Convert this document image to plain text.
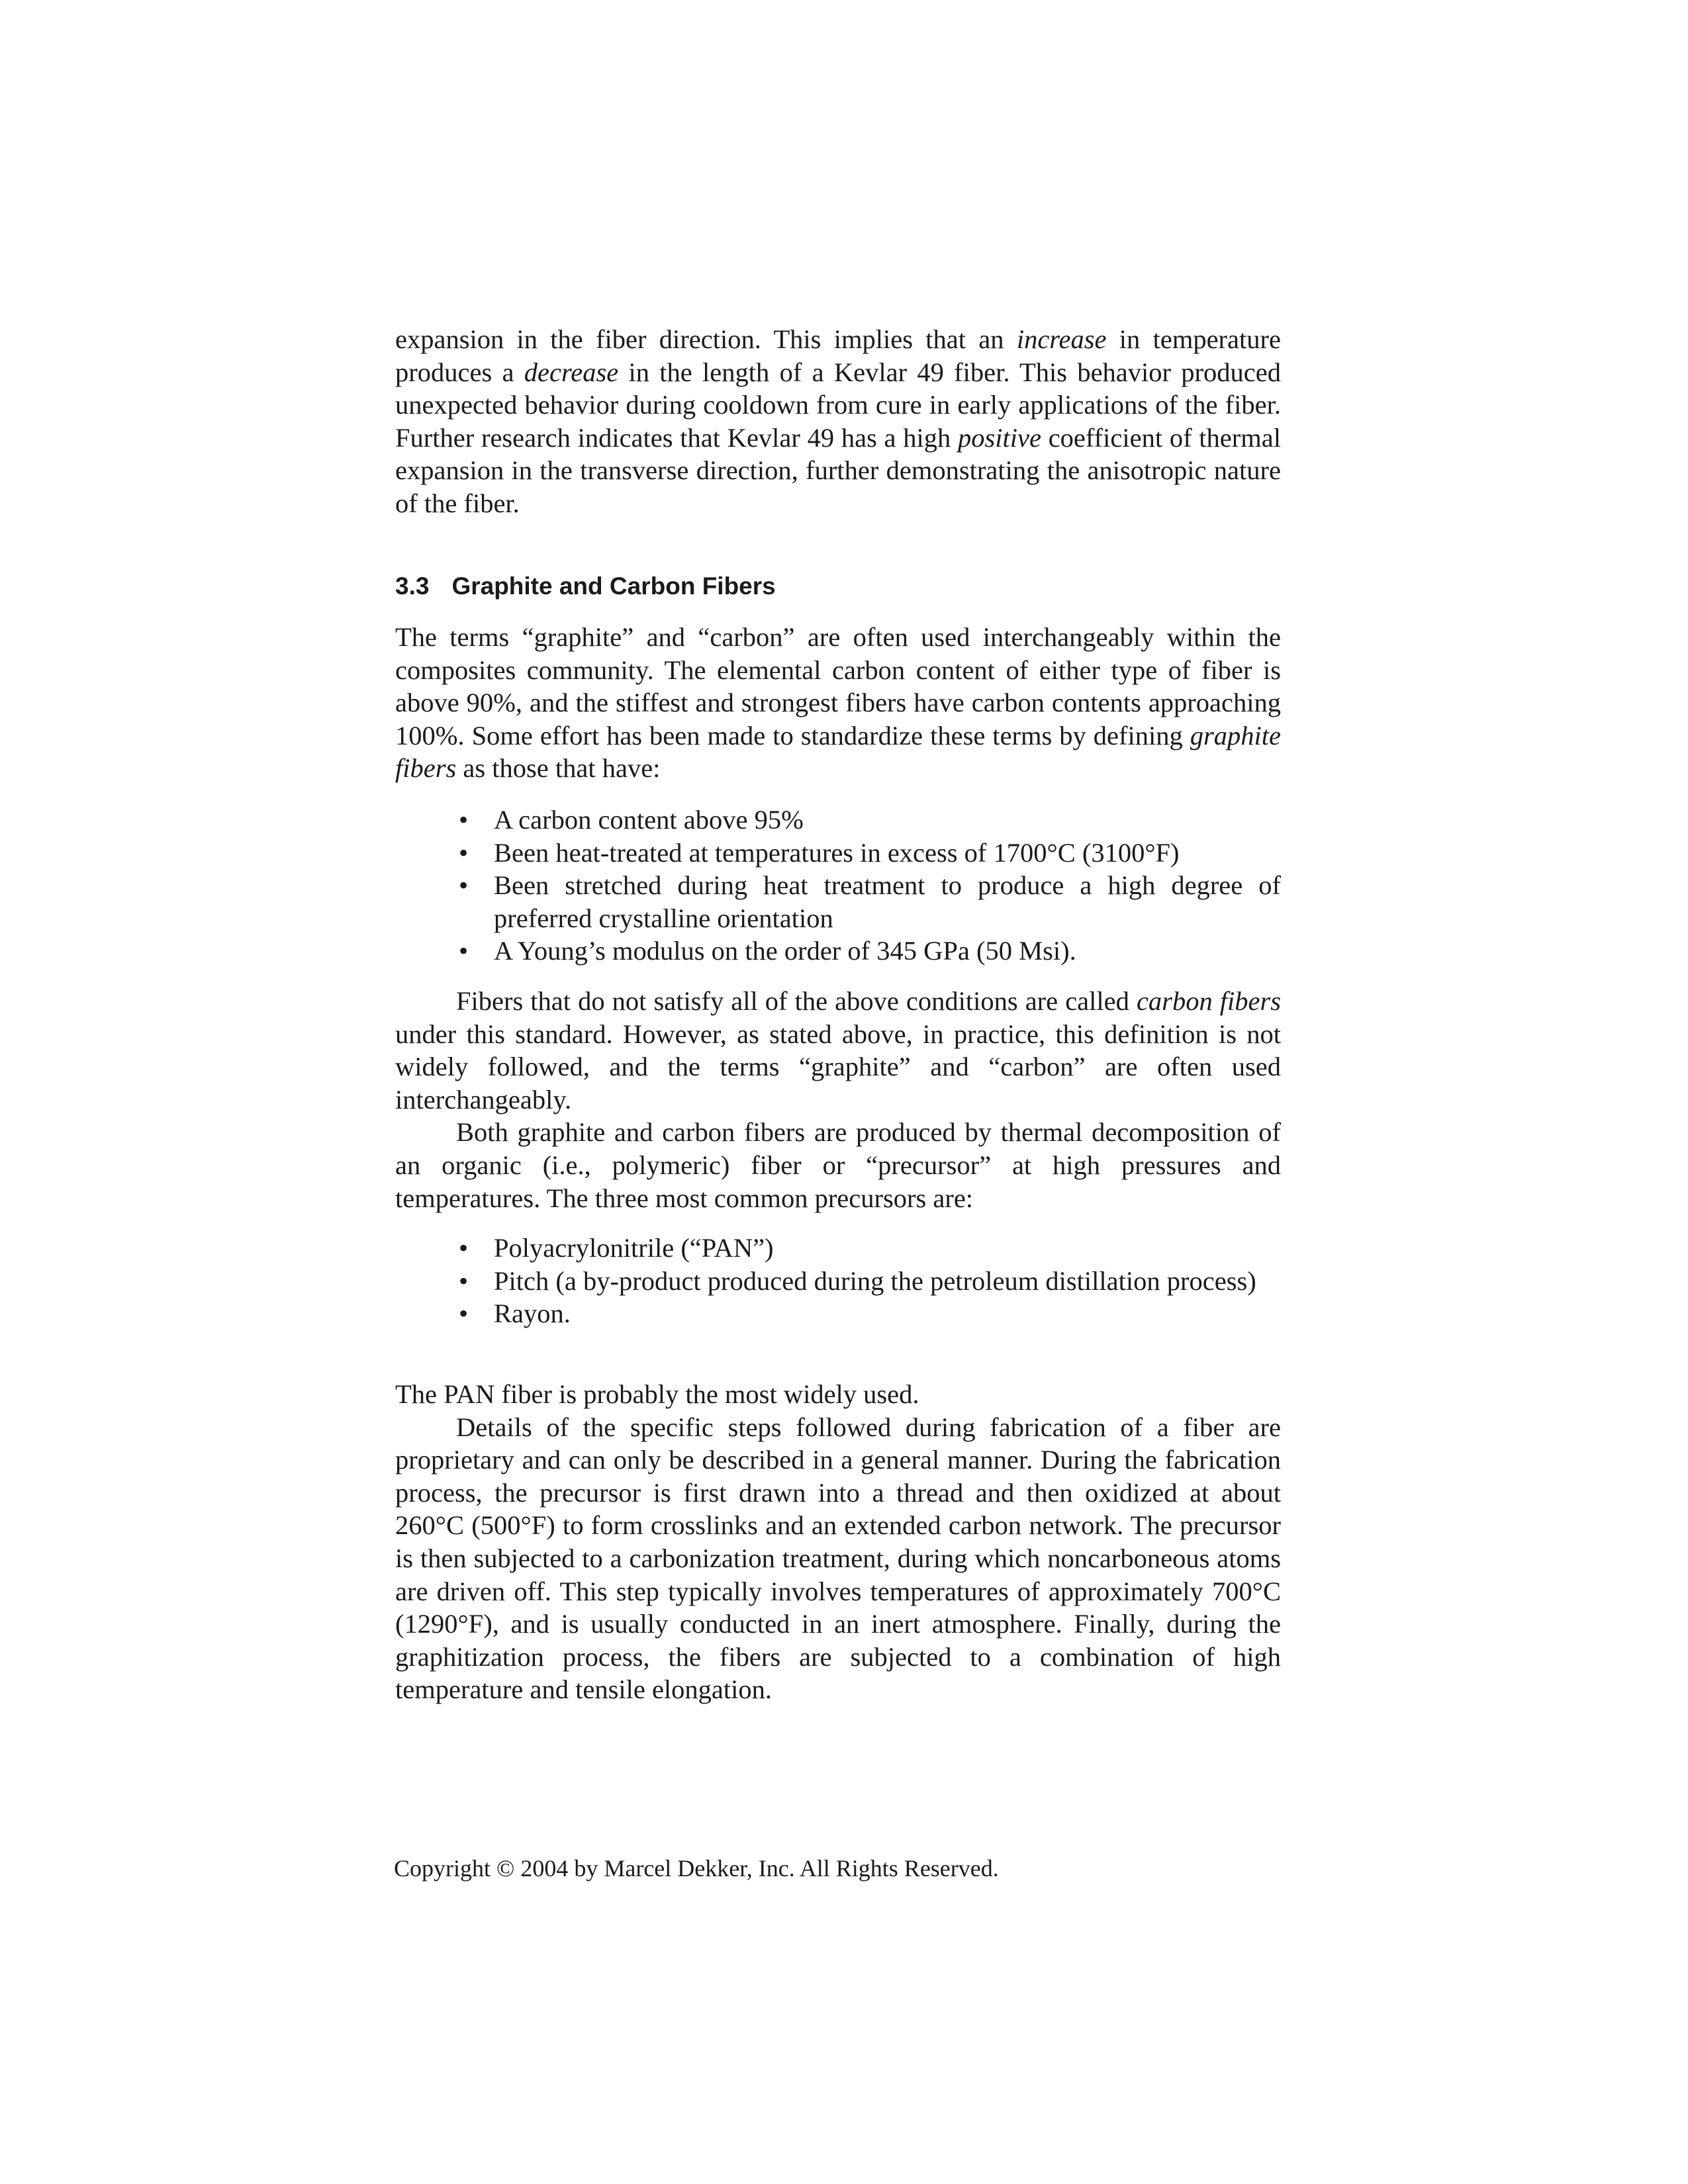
expansion in the fiber direction. This implies that an increase in temperature produces a decrease in the length of a Kevlar 49 fiber. This behavior produced unexpected behavior during cooldown from cure in early applications of the fiber. Further research indicates that Kevlar 49 has a high positive coefficient of thermal expansion in the transverse direction, further demonstrating the anisotropic nature of the fiber.

3.3 Graphite and Carbon Fibers

The terms “graphite” and “carbon” are often used interchangeably within the composites community. The elemental carbon content of either type of fiber is above 90%, and the stiffest and strongest fibers have carbon contents approaching 100%. Some effort has been made to standardize these terms by defining graphite fibers as those that have:

• A carbon content above 95%
• Been heat-treated at temperatures in excess of 1700°C (3100°F)
• Been stretched during heat treatment to produce a high degree of preferred crystalline orientation
• A Young’s modulus on the order of 345 GPa (50 Msi).

Fibers that do not satisfy all of the above conditions are called carbon fibers under this standard. However, as stated above, in practice, this definition is not widely followed, and the terms “graphite” and “carbon” are often used interchangeably.

Both graphite and carbon fibers are produced by thermal decomposition of an organic (i.e., polymeric) fiber or “precursor” at high pressures and temperatures. The three most common precursors are:

• Polyacrylonitrile (“PAN”)
• Pitch (a by-product produced during the petroleum distillation process)
• Rayon.

The PAN fiber is probably the most widely used.

Details of the specific steps followed during fabrication of a fiber are proprietary and can only be described in a general manner. During the fabrication process, the precursor is first drawn into a thread and then oxidized at about 260°C (500°F) to form crosslinks and an extended carbon network. The precursor is then subjected to a carbonization treatment, during which noncarboneous atoms are driven off. This step typically involves temperatures of approximately 700°C (1290°F), and is usually conducted in an inert atmosphere. Finally, during the graphitization process, the fibers are subjected to a combination of high temperature and tensile elongation.

Copyright © 2004 by Marcel Dekker, Inc. All Rights Reserved.
